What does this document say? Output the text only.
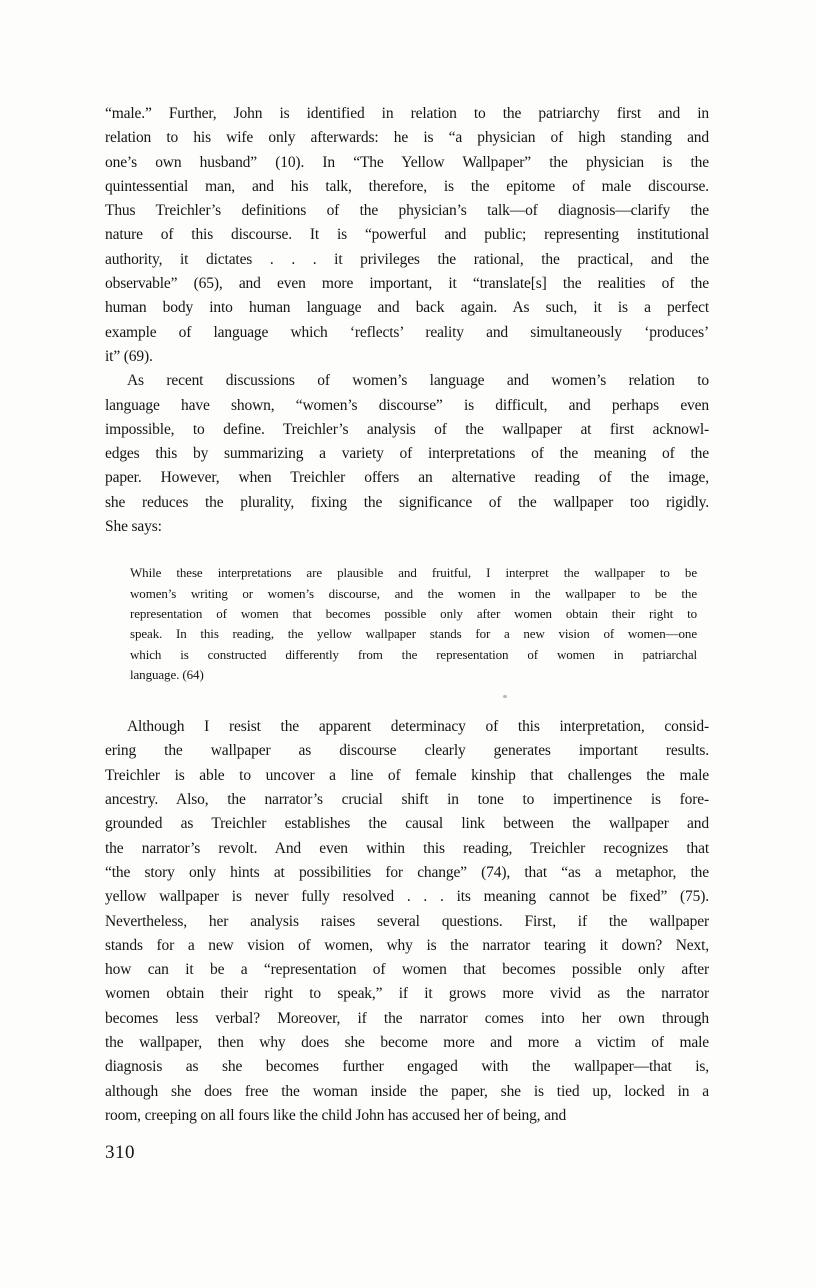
“male.” Further, John is identified in relation to the patriarchy first and in
relation to his wife only afterwards: he is “a physician of high standing and
one’s own husband” (10). In “The Yellow Wallpaper” the physician is the
quintessential man, and his talk, therefore, is the epitome of male discourse.
Thus Treichler’s definitions of the physician’s talk—of diagnosis—clarify the
nature of this discourse. It is “powerful and public; representing institutional
authority, it dictates . . . it privileges the rational, the practical, and the
observable” (65), and even more important, it “translate[s] the realities of the
human body into human language and back again. As such, it is a perfect
example of language which ‘reflects’ reality and simultaneously ‘produces’
it” (69).
As recent discussions of women’s language and women’s relation to
language have shown, “women’s discourse” is difficult, and perhaps even
impossible, to define. Treichler’s analysis of the wallpaper at first acknowl-
edges this by summarizing a variety of interpretations of the meaning of the
paper. However, when Treichler offers an alternative reading of the image,
she reduces the plurality, fixing the significance of the wallpaper too rigidly.
She says:
While these interpretations are plausible and fruitful, I interpret the wallpaper to be
women’s writing or women’s discourse, and the women in the wallpaper to be the
representation of women that becomes possible only after women obtain their right to
speak. In this reading, the yellow wallpaper stands for a new vision of women—one
which is constructed differently from the representation of women in patriarchal
language. (64)
Although I resist the apparent determinacy of this interpretation, consid-
ering the wallpaper as discourse clearly generates important results.
Treichler is able to uncover a line of female kinship that challenges the male
ancestry. Also, the narrator’s crucial shift in tone to impertinence is fore-
grounded as Treichler establishes the causal link between the wallpaper and
the narrator’s revolt. And even within this reading, Treichler recognizes that
“the story only hints at possibilities for change” (74), that “as a metaphor, the
yellow wallpaper is never fully resolved . . . its meaning cannot be fixed” (75).
Nevertheless, her analysis raises several questions. First, if the wallpaper
stands for a new vision of women, why is the narrator tearing it down? Next,
how can it be a “representation of women that becomes possible only after
women obtain their right to speak,” if it grows more vivid as the narrator
becomes less verbal? Moreover, if the narrator comes into her own through
the wallpaper, then why does she become more and more a victim of male
diagnosis as she becomes further engaged with the wallpaper—that is,
although she does free the woman inside the paper, she is tied up, locked in a
room, creeping on all fours like the child John has accused her of being, and
310
